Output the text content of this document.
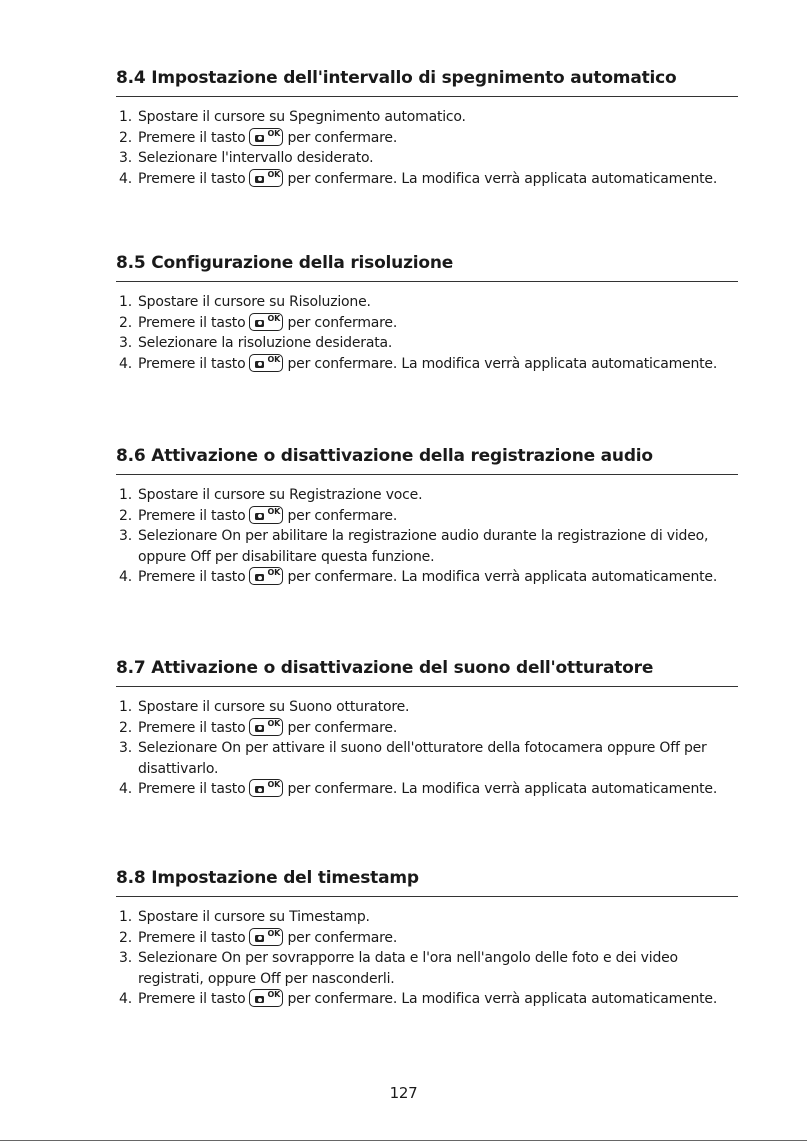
8.4 Impostazione dell'intervallo di spegnimento automatico
1. Spostare il cursore su Spegnimento automatico.
2. Premere il tasto	OK per confermare.
3. Selezionare l'intervallo desiderato.
4. Premere il tasto	OK per confermare. La modifica verrà applicata automaticamente.
8.5 Configurazione della risoluzione
1. Spostare il cursore su Risoluzione.
2. Premere il tasto	OK per confermare.
3. Selezionare la risoluzione desiderata.
4. Premere il tasto	OK per confermare. La modifica verrà applicata automaticamente.
8.6 Attivazione o disattivazione della registrazione audio
1. Spostare il cursore su Registrazione voce.
2. Premere il tasto	OK per confermare.
3. Selezionare On per abilitare la registrazione audio durante la registrazione di video, oppure Off per disabilitare questa funzione.
4. Premere il tasto	OK per confermare. La modifica verrà applicata automaticamente.
8.7 Attivazione o disattivazione del suono dell'otturatore
1. Spostare il cursore su Suono otturatore.
2. Premere il tasto	OK per confermare.
3. Selezionare On per attivare il suono dell'otturatore della fotocamera oppure Off per disattivarlo.
4. Premere il tasto	OK per confermare. La modifica verrà applicata automaticamente.
8.8 Impostazione del timestamp
1. Spostare il cursore su Timestamp.
2. Premere il tasto	OK per confermare.
3. Selezionare On per sovrapporre la data e l'ora nell'angolo delle foto e dei video registrati, oppure Off per nasconderli.
4. Premere il tasto	OK per confermare. La modifica verrà applicata automaticamente.
127
